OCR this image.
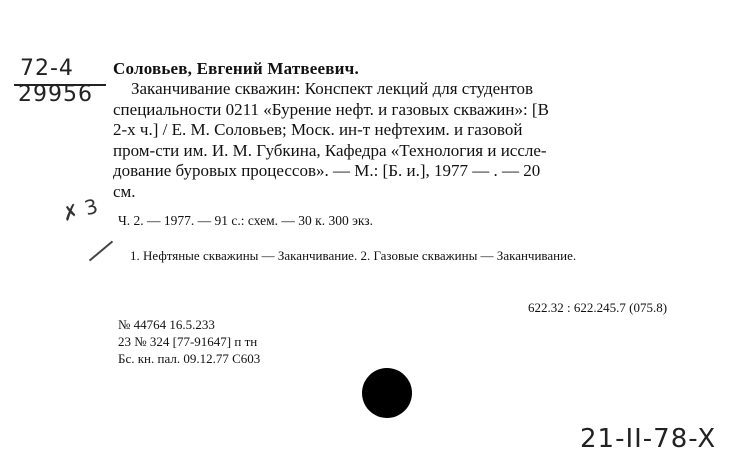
72-4
29956
Соловьев, Евгений Матвеевич.
Заканчивание скважин: Конспект лекций для студентов
специальности 0211 «Бурение нефт. и газовых скважин»: [В
2-х ч.] / Е. М. Соловьев; Моск. ин-т нефтехим. и газовой
пром-сти им. И. М. Губкина, Кафедра «Технология и иссле-
дование буровых процессов». — М.: [Б. и.], 1977 — . — 20
см.
✗ 3 Ч. 2. — 1977. — 91 с.: схем. — 30 к. 300 экз.
1. Нефтяные скважины — Заканчивание. 2. Газовые скважины — Заканчивание.
622.32 : 622.245.7 (075.8)
№ 44764 16.5.233
23 № 324 [77-91647] п тн
Бс. кн. пал. 09.12.77 С603
21-II-78-X
